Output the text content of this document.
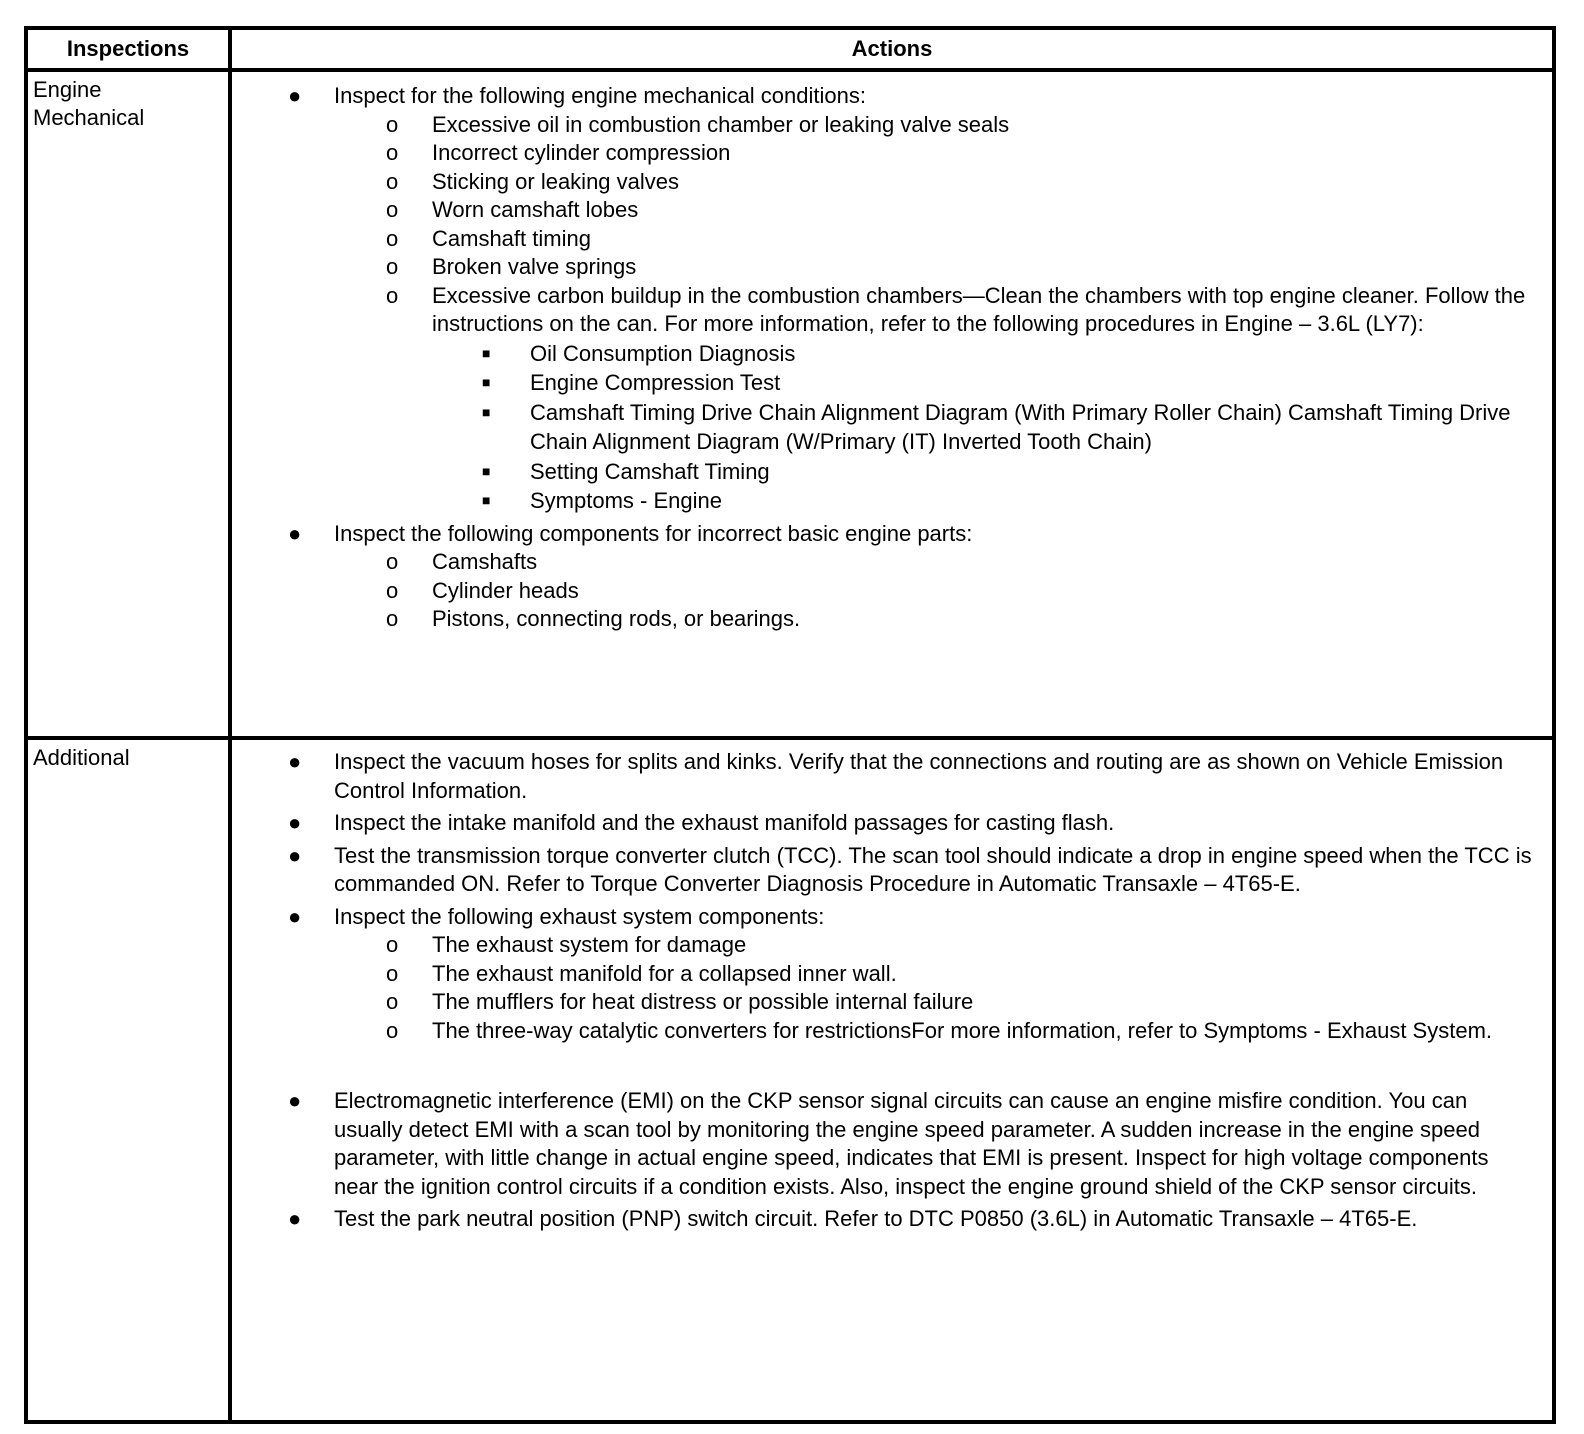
Inspections	Actions
Engine
Mechanical
● Inspect for the following engine mechanical conditions:
o Excessive oil in combustion chamber or leaking valve seals
o Incorrect cylinder compression
o Sticking or leaking valves
o Worn camshaft lobes
o Camshaft timing
o Broken valve springs
o Excessive carbon buildup in the combustion chambers—Clean the chambers with top engine cleaner. Follow the instructions on the can. For more information, refer to the following procedures in Engine – 3.6L (LY7):
■ Oil Consumption Diagnosis
■ Engine Compression Test
■ Camshaft Timing Drive Chain Alignment Diagram (With Primary Roller Chain) Camshaft Timing Drive Chain Alignment Diagram (W/Primary (IT) Inverted Tooth Chain)
■ Setting Camshaft Timing
■ Symptoms - Engine
● Inspect the following components for incorrect basic engine parts:
o Camshafts
o Cylinder heads
o Pistons, connecting rods, or bearings.
Additional	● Inspect the vacuum hoses for splits and kinks. Verify that the connections and routing are as shown on Vehicle Emission Control Information.
● Inspect the intake manifold and the exhaust manifold passages for casting flash.
● Test the transmission torque converter clutch (TCC). The scan tool should indicate a drop in engine speed when the TCC is commanded ON. Refer to Torque Converter Diagnosis Procedure in Automatic Transaxle – 4T65-E.
● Inspect the following exhaust system components:
o The exhaust system for damage
o The exhaust manifold for a collapsed inner wall.
o The mufflers for heat distress or possible internal failure
o The three-way catalytic converters for restrictionsFor more information, refer to Symptoms - Exhaust System.
● Electromagnetic interference (EMI) on the CKP sensor signal circuits can cause an engine misfire condition. You can usually detect EMI with a scan tool by monitoring the engine speed parameter. A sudden increase in the engine speed parameter, with little change in actual engine speed, indicates that EMI is present. Inspect for high voltage components near the ignition control circuits if a condition exists. Also, inspect the engine ground shield of the CKP sensor circuits.
● Test the park neutral position (PNP) switch circuit. Refer to DTC P0850 (3.6L) in Automatic Transaxle – 4T65-E.
